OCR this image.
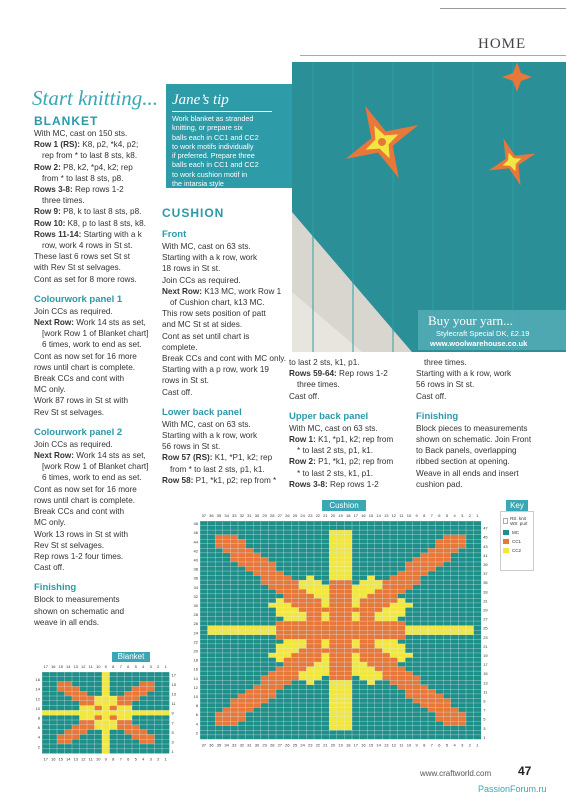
HOME
Start knitting...
BLANKET

With MC, cast on 150 sts.

Row 1 (RS): K8, p2, *k4, p2;

rep from * to last 8 sts, k8.

Row 2: P8, k2, *p4, k2; rep

from * to last 8 sts, p8.

Rows 3-8: Rep rows 1-2

three times.

Row 9: P8, k to last 8 sts, p8.

Row 10: K8, p to last 8 sts, k8.

Rows 11-14: Starting with a k

row, work 4 rows in St st.

These last 6 rows set St st

with Rev St st selvages.

Cont as set for 8 more rows.

Colourwork panel 1

Join CCs as required.

Next Row: Work 14 sts as set,

[work Row 1 of Blanket chart]

6 times, work to end as set.

Cont as now set for 16 more

rows until chart is complete.

Break CCs and cont with

MC only.

Work 87 rows in St st with

Rev St st selvages.

Colourwork panel 2

Join CCs as required.

Next Row: Work 14 sts as set,

[work Row 1 of Blanket chart]

6 times, work to end as set.

Cont as now set for 16 more

rows until chart is complete.

Break CCs and cont with

MC only.

Work 13 rows in St st with

Rev St st selvages.

Rep rows 1-2 four times.

Cast off.

Finishing

Block to measurements

shown on schematic and

weave in all ends.

Jane’s tip
Work blanket as stranded
knitting, or prepare six
balls each in CC1 and CC2
to work motifs individually
if preferred. Prepare three
balls each in CC1 and CC2
to work cushion motif in
the intarsia style
CUSHION
Front

With MC, cast on 63 sts.

Starting with a k row, work

18 rows in St st.

Join CCs as required.

Next Row: K13 MC, work Row 1

of Cushion chart, k13 MC.

This row sets position of patt

and MC St st at sides.

Cont as set until chart is

complete.

Break CCs and cont with MC only.

Starting with a p row, work 19

rows in St st.

Cast off.

Lower back panel

With MC, cast on 63 sts.

Starting with a k row, work

56 rows in St st.

Row 57 (RS): K1, *P1, k2; rep

from * to last 2 sts, p1, k1.

Row 58: P1, *k1, p2; rep from *

to last 2 sts, k1, p1.

Rows 59-64: Rep rows 1-2

three times.

Cast off.

Upper back panel

With MC, cast on 63 sts.

Row 1: K1, *p1, k2; rep from

* to last 2 sts, p1, k1.

Row 2: P1, *k1, p2; rep from

* to last 2 sts, k1, p1.

Rows 3-8: Rep rows 1-2

three times.

Starting with a k row, work

56 rows in St st.

Cast off.

Finishing

Block pieces to measurements

shown on schematic. Join Front

to Back panels, overlapping

ribbed section at opening.

Weave in all ends and insert

cushion pad.

Buy your yarn...
Stylecraft Special DK, £2.19
www.woolwarehouse.co.uk
Cushion
37
37
36
36
35
35
34
34
33
33
32
32
31
31
30
30
29
29
28
28
27
27
26
26
25
25
24
24
23
23
22
22
21
21
20
20
19
19
18
18
17
17
16
16
15
15
14
14
13
13
12
12
11
11
10
10
9
9
8
8
7
7
6
6
5
5
4
4
3
3
2
2
1
1
48
47
46
45
44
43
42
41
40
39
38
37
36
35
34
33
32
31
30
29
28
27
26
25
24
23
22
21
20
19
18
17
16
15
14
13
12
11
10
9
8
7
6
5
4
3
2
1
Key
RS: knit WS: purl
MC
CC1
CC2
Blanket
17
17
16
16
15
15
14
14
13
13
12
12
11
11
10
10
9
9
8
8
7
7
6
6
5
5
4
4
3
3
2
2
1
1
17
16
15
14
13
12
11
10
9
8
7
6
5
4
3
2
1
www.craftworld.com 47
PassionForum.ru
